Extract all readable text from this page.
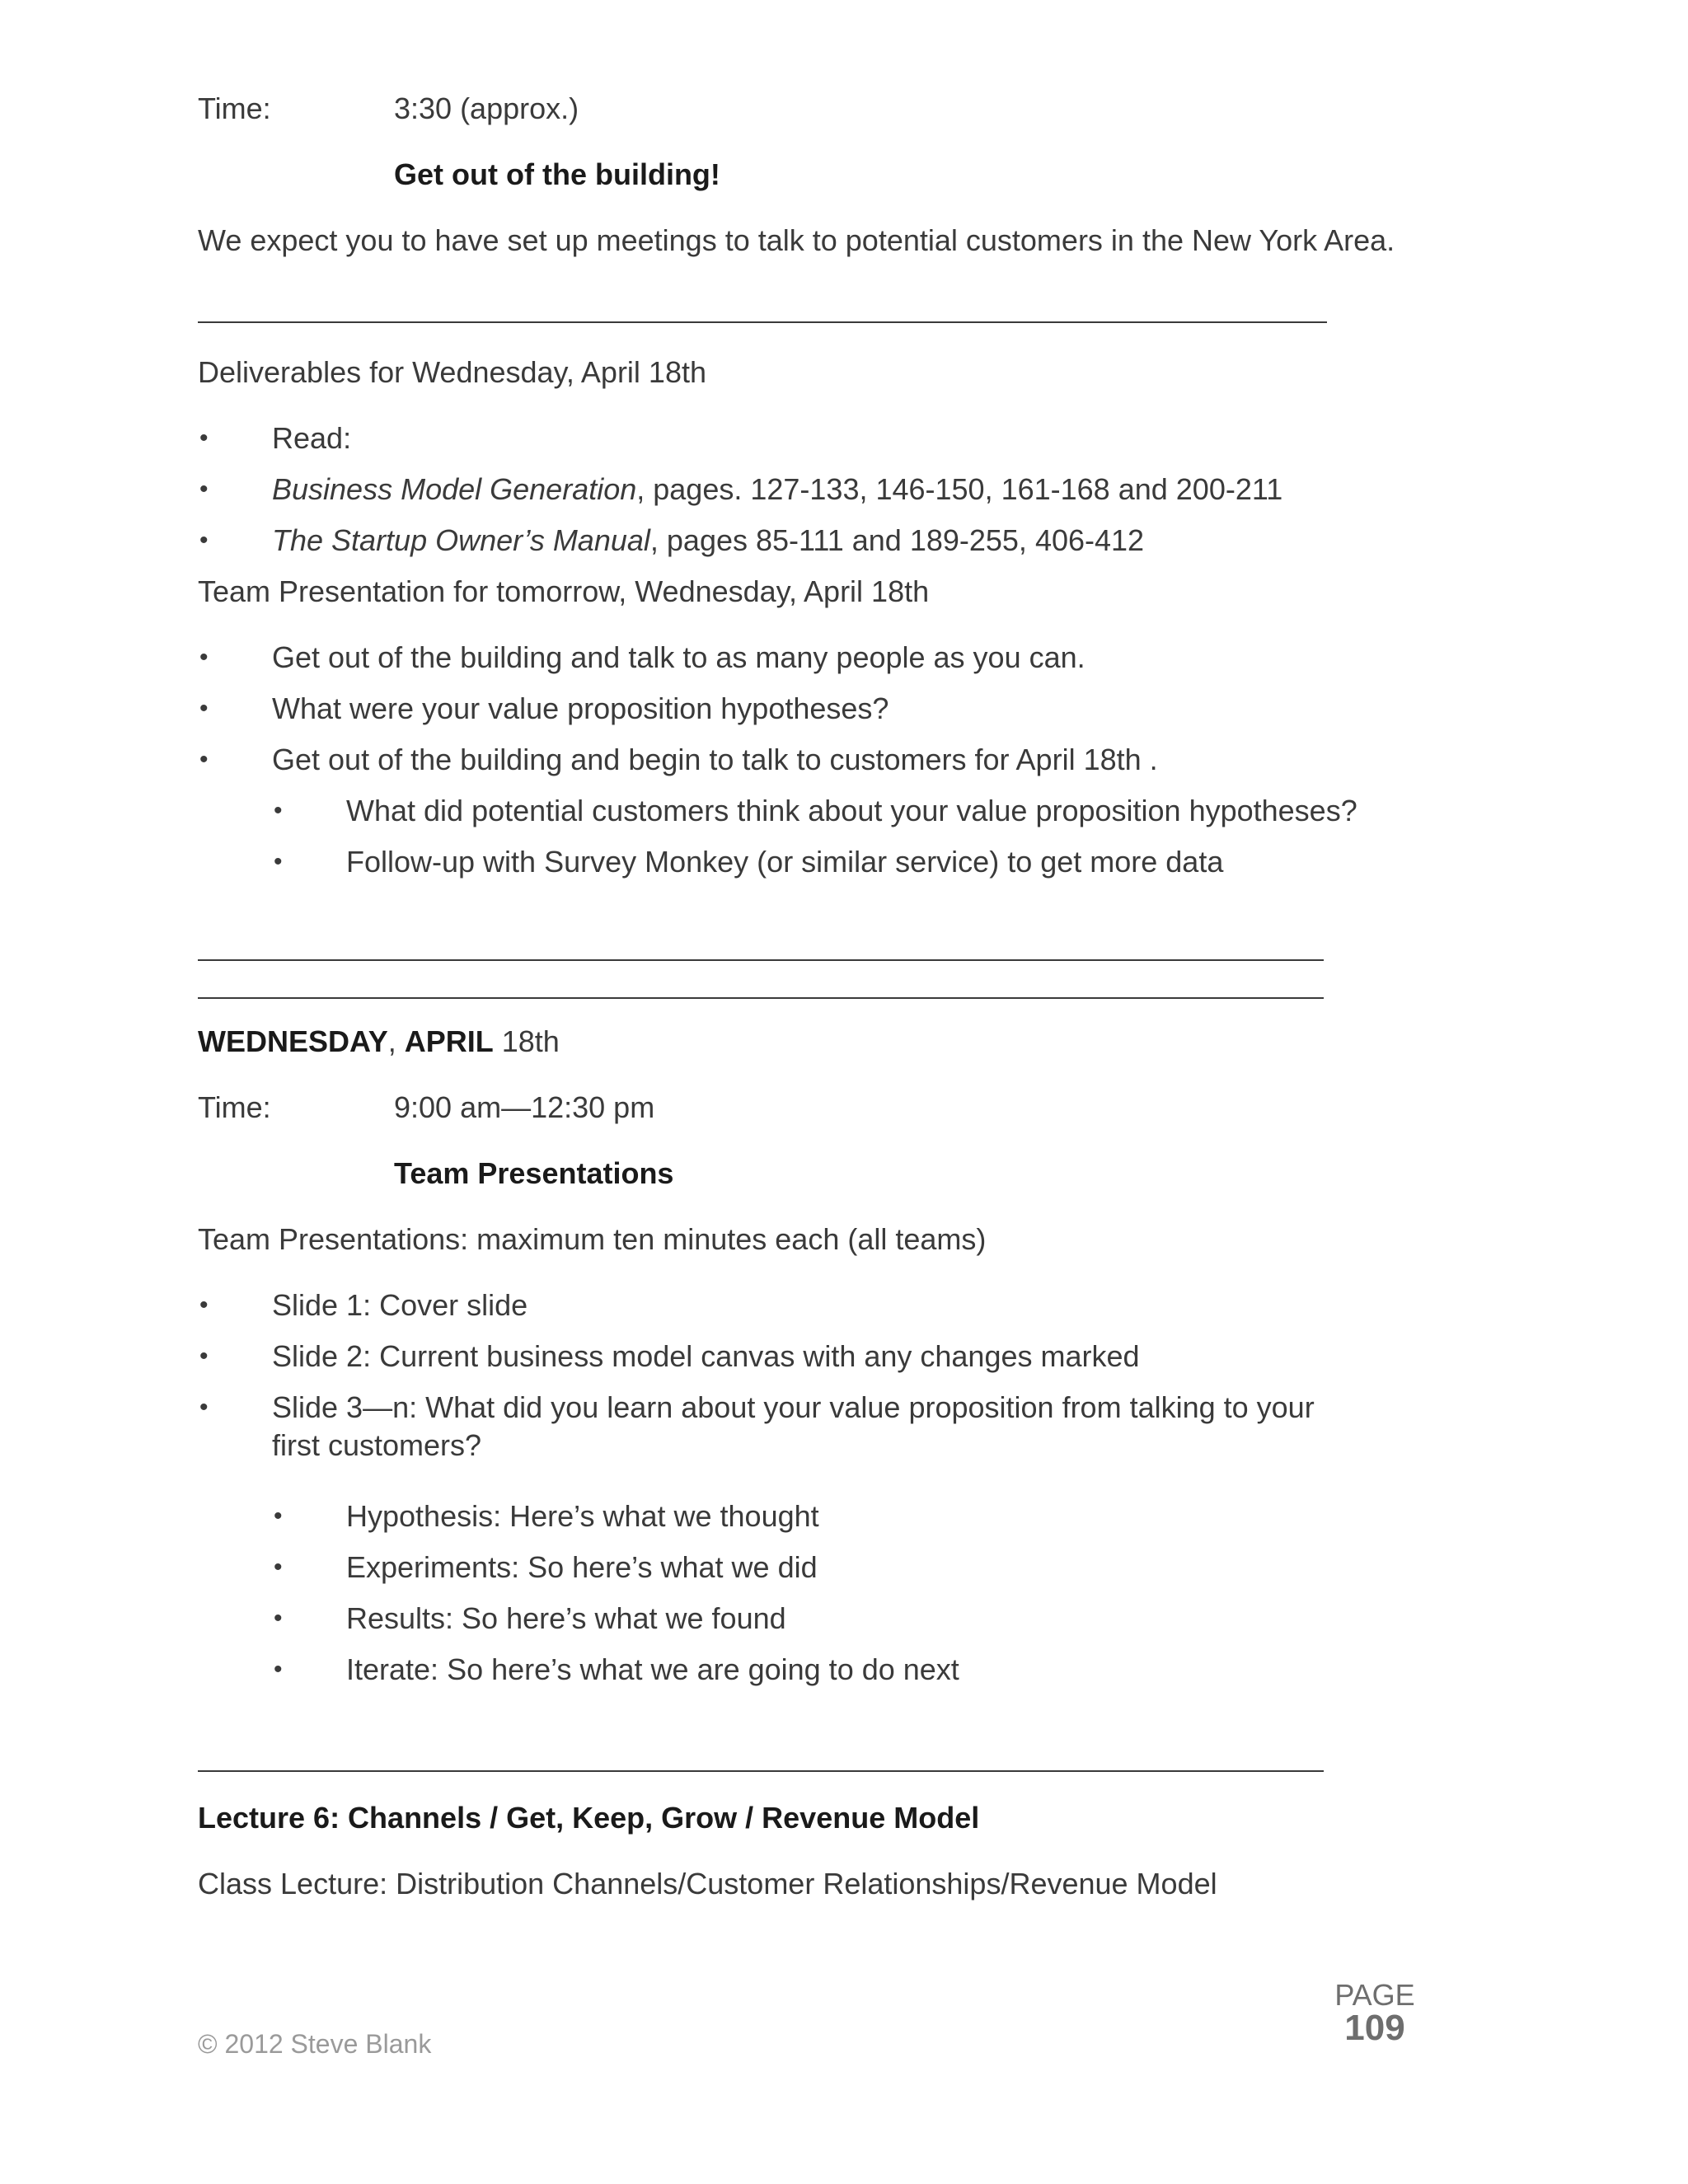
Time:	3:30 (approx.)
Get out of the building!
We expect you to have set up meetings to talk to potential customers in the New York Area.
Deliverables for Wednesday, April 18th
• Read:
• Business Model Generation, pages. 127-133, 146-150, 161-168 and 200-211
• The Startup Owner’s Manual, pages 85-111 and 189-255, 406-412
Team Presentation for tomorrow, Wednesday, April 18th
• Get out of the building and talk to as many people as you can.
• What were your value proposition hypotheses?
• Get out of the building and begin to talk to customers for April 18th .
• What did potential customers think about your value proposition hypotheses?
• Follow-up with Survey Monkey (or similar service) to get more data
WEDNESDAY, APRIL 18th
Time:	9:00 am—12:30 pm
Team Presentations
Team Presentations: maximum ten minutes each (all teams)
• Slide 1: Cover slide
• Slide 2: Current business model canvas with any changes marked
• Slide 3—n: What did you learn about your value proposition from talking to your
first customers?
• Hypothesis: Here’s what we thought
• Experiments: So here’s what we did
• Results: So here’s what we found
• Iterate: So here’s what we are going to do next
Lecture 6: Channels / Get, Keep, Grow / Revenue Model
Class Lecture: Distribution Channels/Customer Relationships/Revenue Model
PAGE
109
© 2012 Steve Blank
